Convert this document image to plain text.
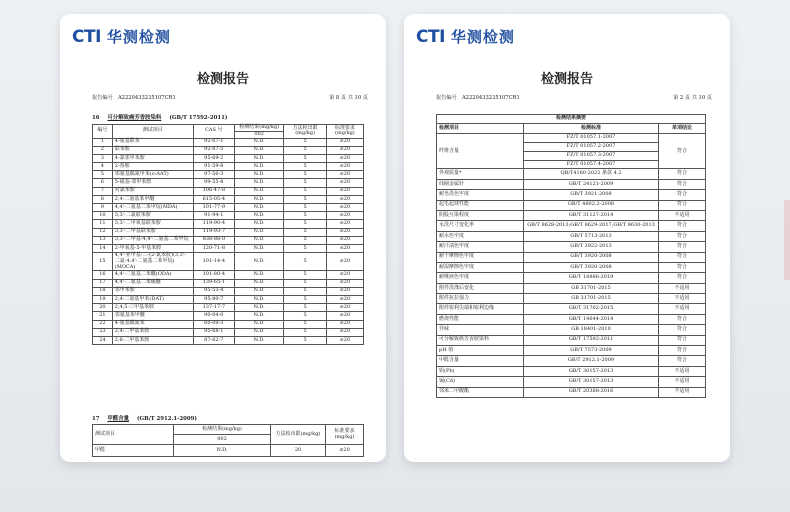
CTI 华测检测
检测报告
报告编号　A2220433235107CR1	第 8 页 共 10 页
16 可分解致癌芳香胺染料 (GB/T 17592-2011)
编号	测试项目	CAS 号	检测结果(mg/kg)	方法检出限(mg/kg)	标准要求(mg/kg)
			002		
1	4-氨基联苯	92-67-1	N.D.	5	≤20
2	联苯胺	92-87-5	N.D.	5	≤20
3	4-氯邻甲苯胺	95-69-2	N.D.	5	≤20
4	2-萘胺	91-59-8	N.D.	5	≤20
5	邻氨基偶氮甲苯(o-AAT)	97-56-3	N.D.	5	≤20
6	5-硝基-邻甲苯胺	99-55-8	N.D.	5	≤20
7	对氯苯胺	106-47-8	N.D.	5	≤20
8	2,4-二氨基苯甲醚	615-05-4	N.D.	5	≤20
9	4,4'-二氨基二苯甲烷(MDA)	101-77-9	N.D.	5	≤20
10	3,3'-二氯联苯胺	91-94-1	N.D.	5	≤20
11	3,3'-二甲氧基联苯胺	119-90-4	N.D.	5	≤20
12	3,3'-二甲基联苯胺	119-93-7	N.D.	5	≤20
13	3,3'-二甲基-4,4'-二氨基二苯甲烷	838-88-0	N.D.	5	≤20
14	2-甲氧基-5-甲基苯胺	120-71-8	N.D.	5	≤20
15	4,4'-亚甲基-二-(2-氯苯胺)(3,3'-二氯-4,4'-二氨基二苯甲烷)(MOCA)	101-14-4	N.D.	5	≤20
16	4,4'-二氨基二苯醚(ODA)	101-80-4	N.D.	5	≤20
17	4,4'-二氨基二苯硫醚	139-65-1	N.D.	5	≤20
18	邻甲苯胺	95-53-4	N.D.	5	≤20
19	2,4-二氨基甲苯(DAT)	95-80-7	N.D.	5	≤20
20	2,4,5-三甲基苯胺	137-17-7	N.D.	5	≤20
21	邻氨基苯甲醚	90-04-0	N.D.	5	≤20
22	4-氨基偶氮苯	60-09-3	N.D.	5	≤20
23	2,4-二甲基苯胺	95-68-1	N.D.	5	≤20
24	2,6-二甲基苯胺	87-62-7	N.D.	5	≤20
17 甲醛含量 (GB/T 2912.1-2009)
测试项目	检测结果(mg/kg)	方法检出限(mg/kg)	标准要求(mg/kg)
	002		
甲醛	N.D.	20	≤20
CTI 华测检测
检测报告
报告编号　A2220433235107CR1	第 2 页 共 10 页
检测结果摘要		
检测项目	检测标准	单项结论
纤维含量	FZ/T 01057.1-2007
FZ/T 01057.2-2007
FZ/T 01057.3-2007
FZ/T 01057.4-2007	符合
外观质量*	QB/T4160-2022 条款 4.2	符合
纬圈金属针	GB/T 24121-2009	符合
耐皂洗色牢度	GB/T 3921-2008	符合
起毛起球性能	GB/T 4802.2-2008	符合
阴股互染程度	GB/T 31127-2014	不适用
水洗尺寸变化率	GB/T 8628-2013;GB/T 8629-2017;GB/T 8630-2013	符合
耐水色牢度	GB/T 5713-2013	符合
耐汗渍色牢度	GB/T 3922-2013	符合
耐干摩擦色牢度	GB/T 3920-2008	符合
耐湿摩擦色牢度	GB/T 3920-2008	符合
耐唾液色牢度	GB/T 18886-2019	符合
附件洗涤后变化	GB 31701-2015	不适用
附件抗拉强力	GB 31701-2015	不适用
附件锐利尖端和锐利边缘	GB/T 31702-2015	不适用
燃烧性能	GB/T 14644-2014	符合
异味	GB 18401-2010	符合
可分解致癌芳香胺染料	GB/T 17592-2011	符合
pH 值	GB/T 7573-2009	符合
甲醛含量	GB/T 2912.1-2009	符合
铅(Pb)	GB/T 30157-2013	不适用
镉(Cd)	GB/T 30157-2013	不适用
邻苯二甲酸酯	GB/T 20388-2016	不适用
